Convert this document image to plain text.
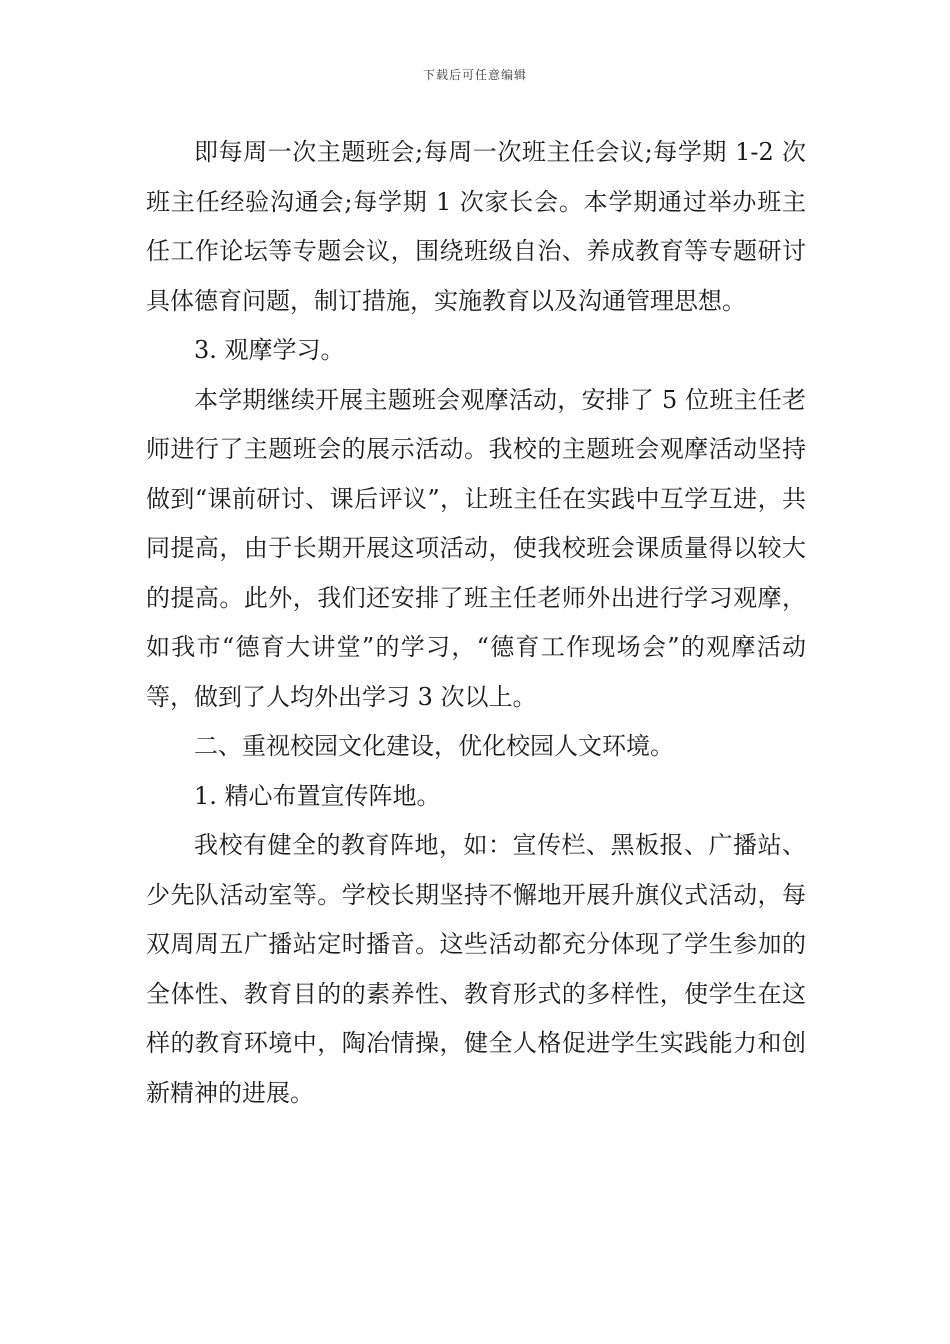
下载后可任意编辑

即每周一次主题班会;每周一次班主任会议;每学期 1-2 次班主任经验沟通会;每学期 1 次家长会。本学期通过举办班主任工作论坛等专题会议，围绕班级自治、养成教育等专题研讨具体德育问题，制订措施，实施教育以及沟通管理思想。

3. 观摩学习。

本学期继续开展主题班会观摩活动，安排了 5 位班主任老师进行了主题班会的展示活动。我校的主题班会观摩活动坚持做到“课前研讨、课后评议”，让班主任在实践中互学互进，共同提高，由于长期开展这项活动，使我校班会课质量得以较大的提高。此外，我们还安排了班主任老师外出进行学习观摩，如我市“德育大讲堂”的学习，“德育工作现场会”的观摩活动等，做到了人均外出学习 3 次以上。

二、重视校园文化建设，优化校园人文环境。

1. 精心布置宣传阵地。

我校有健全的教育阵地，如：宣传栏、黑板报、广播站、少先队活动室等。学校长期坚持不懈地开展升旗仪式活动，每双周周五广播站定时播音。这些活动都充分体现了学生参加的全体性、教育目的的素养性、教育形式的多样性，使学生在这样的教育环境中，陶冶情操，健全人格促进学生实践能力和创新精神的进展。
